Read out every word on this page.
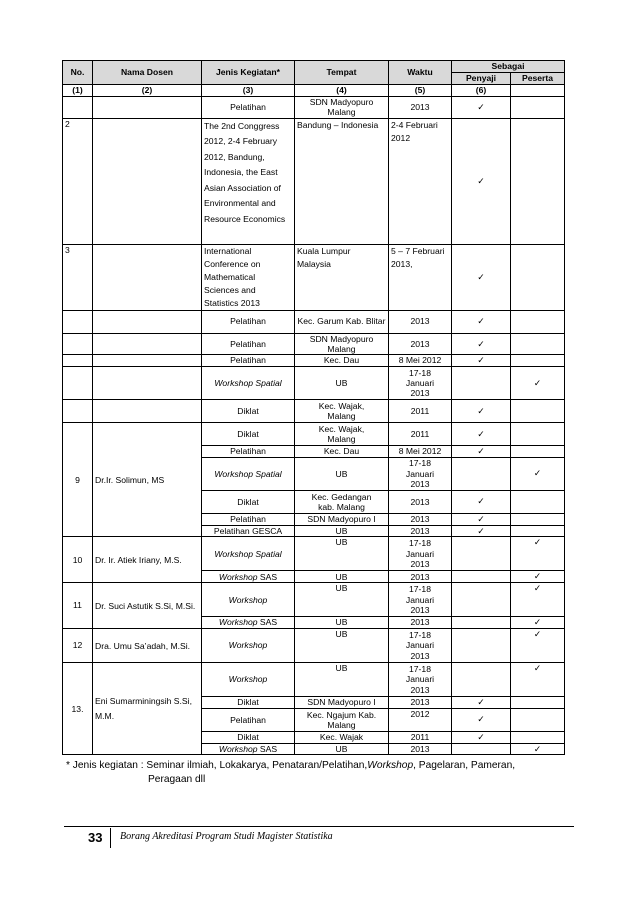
No.	Nama Dosen	Jenis Kegiatan*	Tempat	Waktu	Sebagai	
					Penyaji	Peserta
(1)	(2)	(3)	(4)	(5)	(6)	
		Pelatihan	SDN Madyopuro Malang	2013	✓	
2		The 2nd Conggress 2012, 2-4 February 2012, Bandung, Indonesia, the East Asian Association of Environmental and Resource Economics	Bandung – Indonesia	2-4 Februari 2012	✓	
3		International Conference on Mathematical Sciences and Statistics 2013	Kuala Lumpur Malaysia	5 – 7 Februari 2013,	✓	
		Pelatihan	Kec. Garum Kab. Blitar	2013	✓	
		Pelatihan	SDN Madyopuro Malang	2013	✓	
		Pelatihan	Kec. Dau	8 Mei 2012	✓	
		Workshop Spatial	UB	17-18 Januari 2013		✓
		Diklat	Kec. Wajak, Malang	2011	✓	
9	Dr.Ir. Solimun, MS	Diklat	Kec. Wajak, Malang	2011	✓	
		Pelatihan	Kec. Dau	8 Mei 2012	✓	
		Workshop Spatial	UB	17-18 Januari 2013		✓
		Diklat	Kec. Gedangan kab. Malang	2013	✓	
		Pelatihan	SDN Madyopuro I	2013	✓	
		Pelatihan GESCA	UB	2013	✓	
10	Dr. Ir. Atiek Iriany, M.S.	Workshop Spatial	UB	17-18 Januari 2013		✓
		Workshop SAS	UB	2013		✓
11	Dr. Suci Astutik S.Si, M.Si.	Workshop	UB	17-18 Januari 2013		✓
		Workshop SAS	UB	2013		✓
12	Dra. Umu Sa’adah, M.Si.	Workshop	UB	17-18 Januari 2013		✓
13.	Eni Sumarminingsih S.Si, M.M.	Workshop	UB	17-18 Januari 2013		✓
		Diklat	SDN Madyopuro I	2013	✓	
		Pelatihan	Kec. Ngajum Kab. Malang	2012	✓	
		Diklat	Kec. Wajak	2011	✓	
		Workshop SAS	UB	2013		✓
* Jenis kegiatan : Seminar ilmiah, Lokakarya, Penataran/Pelatihan,Workshop, Pagelaran, Pameran,
Peragaan dll
33 Borang Akreditasi Program Studi Magister Statistika
